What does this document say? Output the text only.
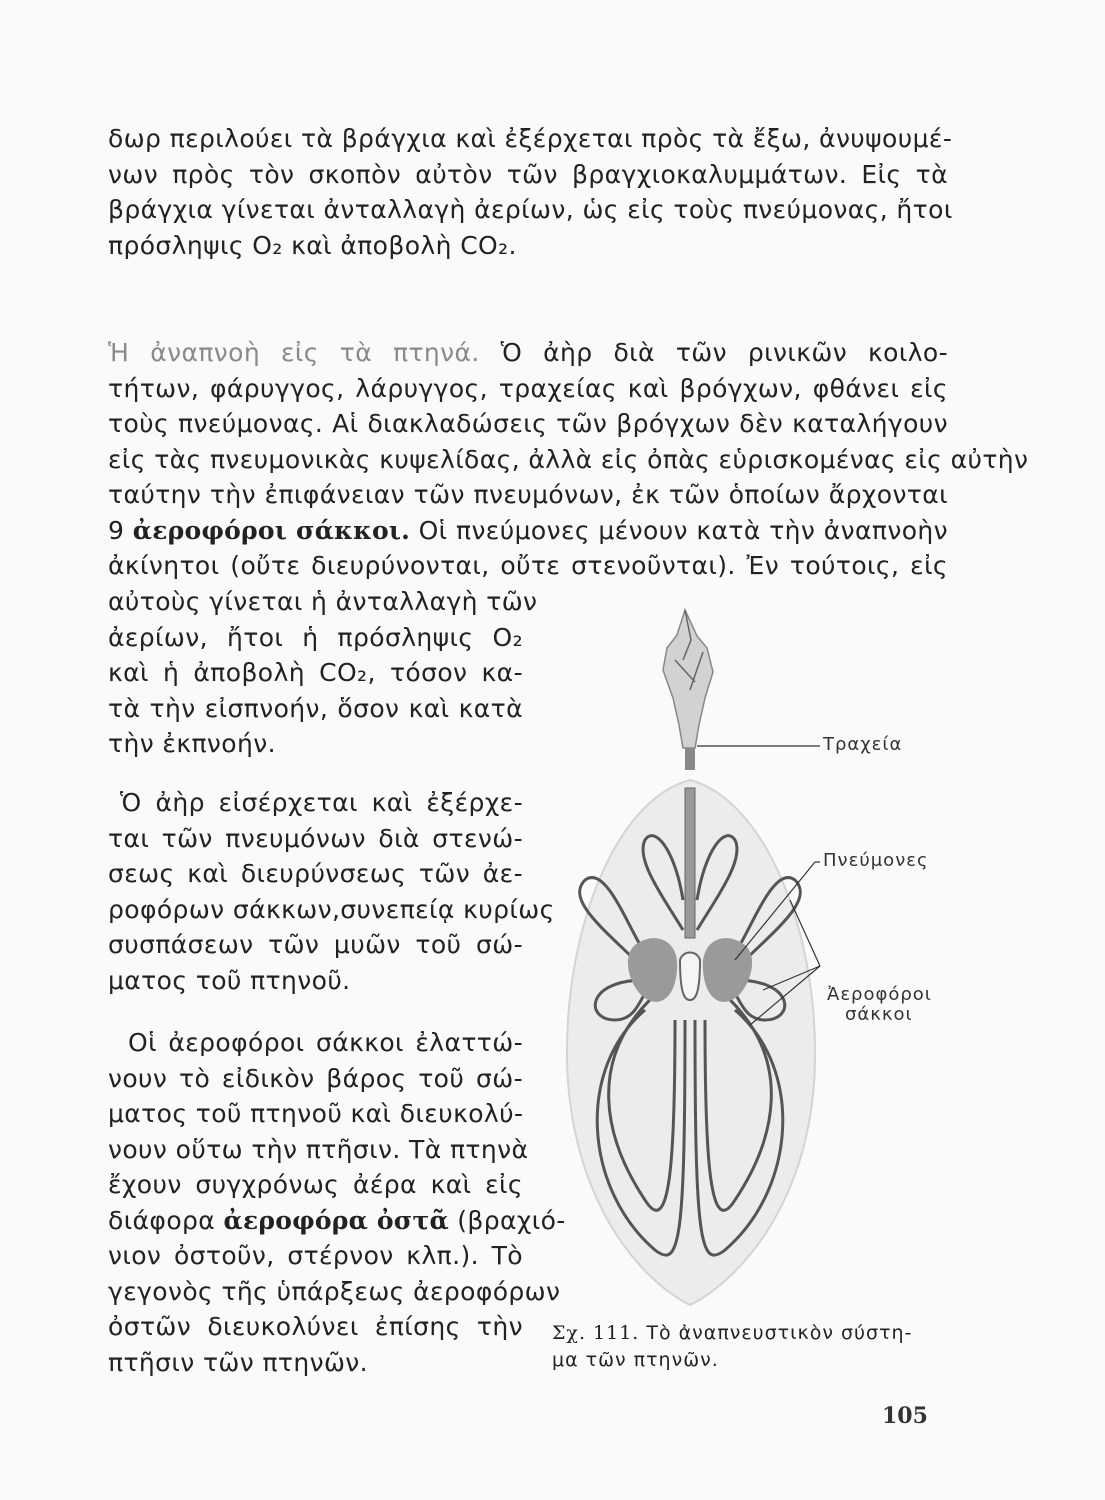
δωρ περιλούει τὰ βράγχια καὶ ἐξέρχεται πρὸς τὰ ἔξω, ἀνυψουμέ-
νων πρὸς τὸν σκοπὸν αὐτὸν τῶν βραγχιοκαλυμμάτων. Εἰς τὰ
βράγχια γίνεται ἀνταλλαγὴ ἀερίων, ὡς εἰς τοὺς πνεύμονας, ἤτοι
πρόσληψις O₂ καὶ ἀποβολὴ CO₂.
Ἡ ἀναπνοὴ εἰς τὰ πτηνά. Ὁ ἀὴρ διὰ τῶν ρινικῶν κοιλο-
τήτων, φάρυγγος, λάρυγγος, τραχείας καὶ βρόγχων, φθάνει εἰς
τοὺς πνεύμονας. Αἱ διακλαδώσεις τῶν βρόγχων δὲν καταλήγουν
εἰς τὰς πνευμονικὰς κυψελίδας, ἀλλὰ εἰς ὀπὰς εὑρισκομένας εἰς αὐτὴν
ταύτην τὴν ἐπιφάνειαν τῶν πνευμόνων, ἐκ τῶν ὁποίων ἄρχονται
9 ἀεροφόροι σάκκοι. Οἱ πνεύμονες μένουν κατὰ τὴν ἀναπνοὴν
ἀκίνητοι (οὔτε διευρύνονται, οὔτε στενοῦνται). Ἐν τούτοις, εἰς
αὐτοὺς γίνεται ἡ ἀνταλλαγὴ τῶν
ἀερίων, ἤτοι ἡ πρόσληψις O₂
καὶ ἡ ἀποβολὴ CO₂, τόσον κα-
τὰ τὴν εἰσπνοήν, ὅσον καὶ κατὰ
τὴν ἐκπνοήν.
Ὁ ἀὴρ εἰσέρχεται καὶ ἐξέρχε-
ται τῶν πνευμόνων διὰ στενώ-
σεως καὶ διευρύνσεως τῶν ἀε-
ροφόρων σάκκων,συνεπείᾳ κυρίως
συσπάσεων τῶν μυῶν τοῦ σώ-
ματος τοῦ πτηνοῦ.
Οἱ ἀεροφόροι σάκκοι ἐλαττώ-
νουν τὸ εἰδικὸν βάρος τοῦ σώ-
ματος τοῦ πτηνοῦ καὶ διευκολύ-
νουν οὕτω τὴν πτῆσιν. Τὰ πτηνὰ
ἔχουν συγχρόνως ἀέρα καὶ εἰς
διάφορα ἀεροφόρα ὀστᾶ (βραχιό-
νιον ὀστοῦν, στέρνον κλπ.). Τὸ
γεγονὸς τῆς ὑπάρξεως ἀεροφόρων
ὀστῶν διευκολύνει ἐπίσης τὴν
πτῆσιν τῶν πτηνῶν.
Τραχεία
Πνεύμονες
Ἀεροφόροι
σάκκοι
Σχ. 111. Τὸ ἀναπνευστικὸν σύστη-
μα τῶν πτηνῶν.
105
